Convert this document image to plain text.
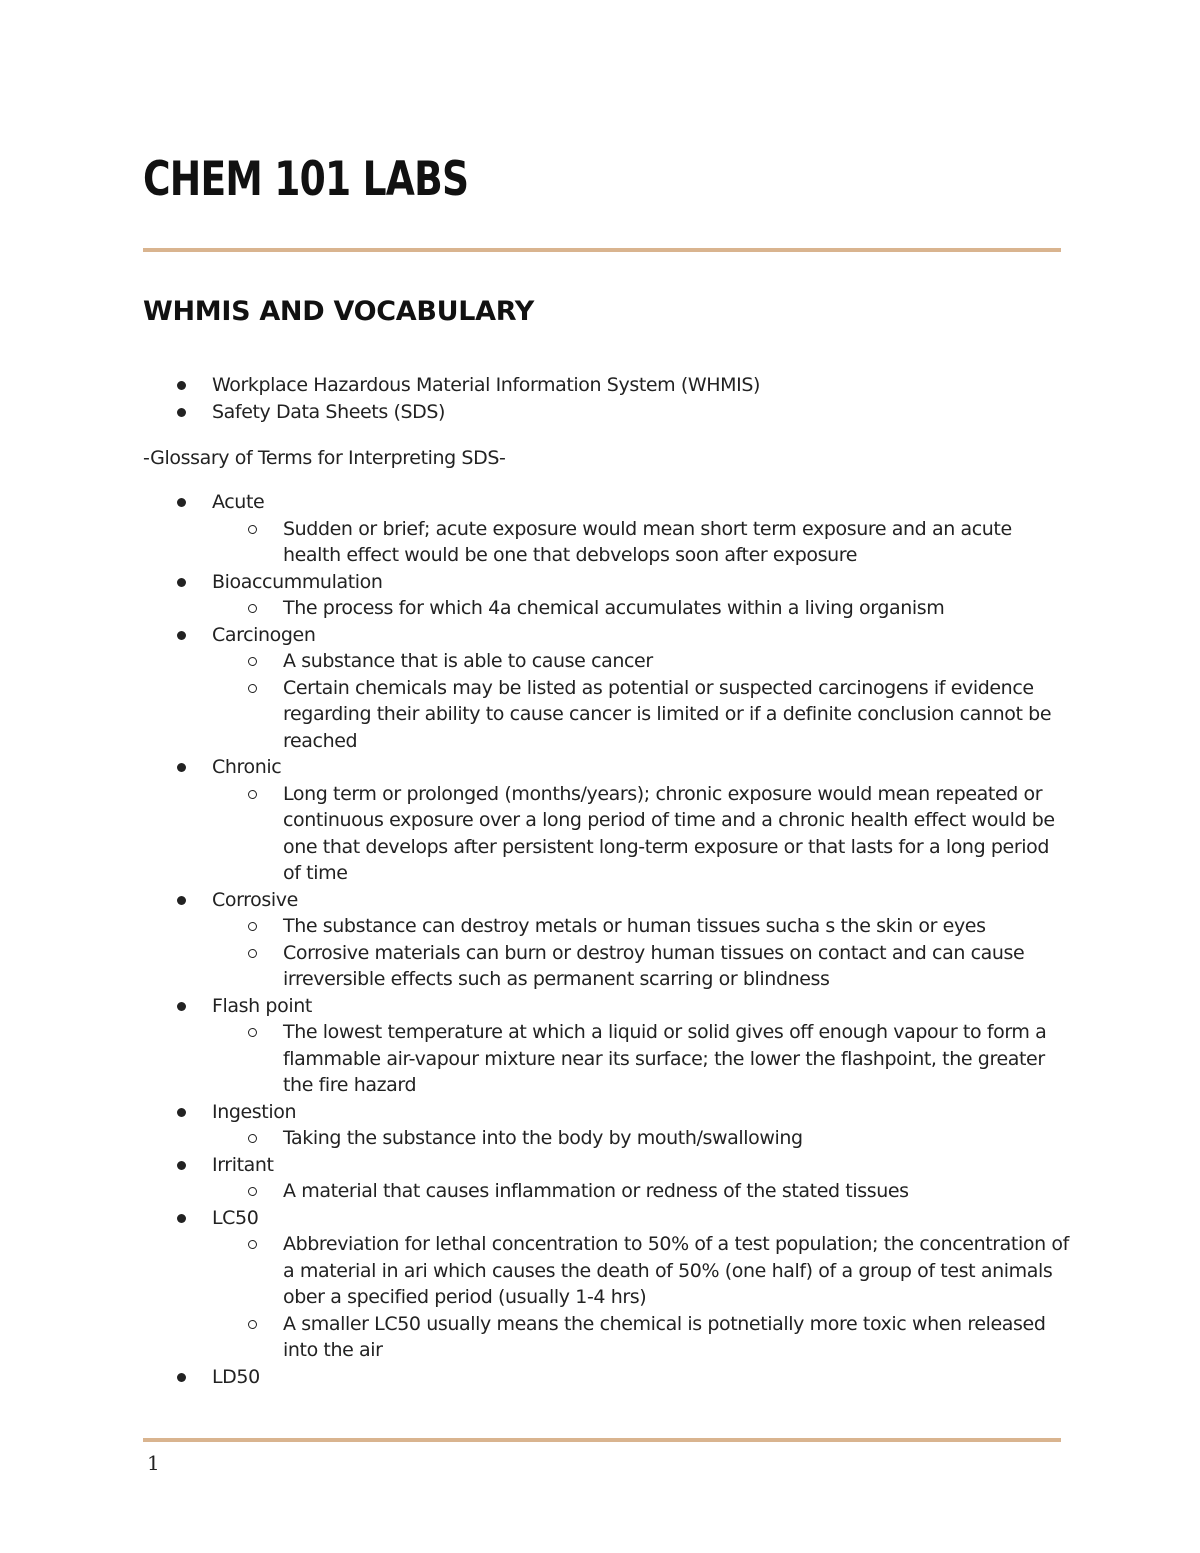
CHEM 101 LABS
WHMIS AND VOCABULARY
Workplace Hazardous Material Information System (WHMIS)
Safety Data Sheets (SDS)

-Glossary of Terms for Interpreting SDS-

Acute
Sudden or brief; acute exposure would mean short term exposure and an acute health effect would be one that debvelops soon after exposure
Bioaccummulation
The process for which 4a chemical accumulates within a living organism
Carcinogen
A substance that is able to cause cancer
Certain chemicals may be listed as potential or suspected carcinogens if evidence regarding their ability to cause cancer is limited or if a definite conclusion cannot be reached
Chronic
Long term or prolonged (months/years); chronic exposure would mean repeated or continuous exposure over a long period of time and a chronic health effect would be one that develops after persistent long-term exposure or that lasts for a long period of time
Corrosive
The substance can destroy metals or human tissues sucha s the skin or eyes
Corrosive materials can burn or destroy human tissues on contact and can cause irreversible effects such as permanent scarring or blindness
Flash point
The lowest temperature at which a liquid or solid gives off enough vapour to form a flammable air-vapour mixture near its surface; the lower the flashpoint, the greater the fire hazard
Ingestion
Taking the substance into the body by mouth/swallowing
Irritant
A material that causes inflammation or redness of the stated tissues
LC50
Abbreviation for lethal concentration to 50% of a test population; the concentration of a material in ari which causes the death of 50% (one half) of a group of test animals ober a specified period (usually 1-4 hrs)
A smaller LC50 usually means the chemical is potnetially more toxic when released into the air
LD50

1
